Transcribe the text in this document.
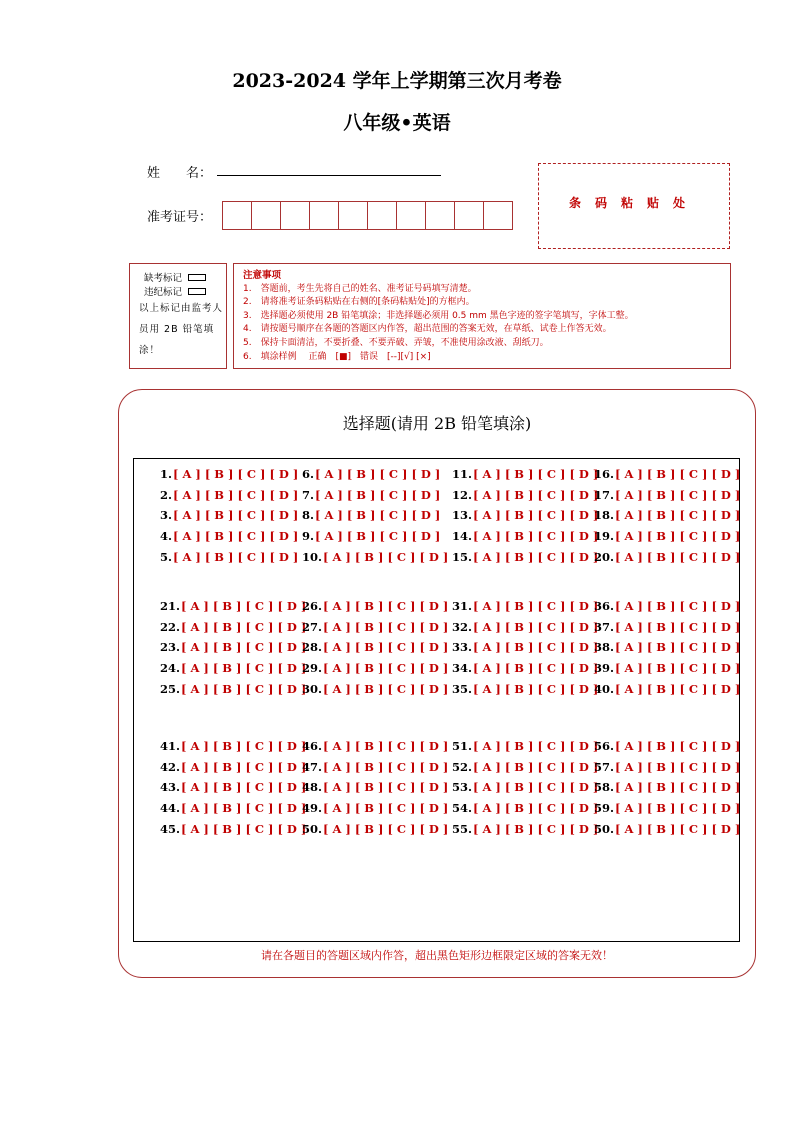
2023-2024 学年上学期第三次月考卷
八年级•英语
姓　　名：
准考证号：
条码粘贴处
缺考标记
违纪标记
以上标记由监考人员用 2B 铅笔填涂！
注意事项
1.　答题前，考生先将自己的姓名、准考证号码填写清楚。
2.　请将准考证条码粘贴在右侧的[条码粘贴处]的方框内。
3.　选择题必须使用 2B 铅笔填涂；非选择题必须用 0.5 mm 黑色字迹的签字笔填写，字体工整。
4.　请按题号顺序在各题的答题区内作答，超出范围的答案无效，在草纸、试卷上作答无效。
5.　保持卡面清洁，不要折叠、不要弄破、弄皱，不准使用涂改液、刮纸刀。
6.　填涂样例　 正确　[■]　错误　[--][√] [×]
选择题(请用 2B 铅笔填涂)
1.[ A ] [ B ] [ C ] [ D ]
2.[ A ] [ B ] [ C ] [ D ]
3.[ A ] [ B ] [ C ] [ D ]
4.[ A ] [ B ] [ C ] [ D ]
5.[ A ] [ B ] [ C ] [ D ]
6.[ A ] [ B ] [ C ] [ D ]
7.[ A ] [ B ] [ C ] [ D ]
8.[ A ] [ B ] [ C ] [ D ]
9.[ A ] [ B ] [ C ] [ D ]
10.[ A ] [ B ] [ C ] [ D ]
11.[ A ] [ B ] [ C ] [ D ]
12.[ A ] [ B ] [ C ] [ D ]
13.[ A ] [ B ] [ C ] [ D ]
14.[ A ] [ B ] [ C ] [ D ]
15.[ A ] [ B ] [ C ] [ D ]
16.[ A ] [ B ] [ C ] [ D ]
17.[ A ] [ B ] [ C ] [ D ]
18.[ A ] [ B ] [ C ] [ D ]
19.[ A ] [ B ] [ C ] [ D ]
20.[ A ] [ B ] [ C ] [ D ]
21.[ A ] [ B ] [ C ] [ D ]
22.[ A ] [ B ] [ C ] [ D ]
23.[ A ] [ B ] [ C ] [ D ]
24.[ A ] [ B ] [ C ] [ D ]
25.[ A ] [ B ] [ C ] [ D ]
26.[ A ] [ B ] [ C ] [ D ]
27.[ A ] [ B ] [ C ] [ D ]
28.[ A ] [ B ] [ C ] [ D ]
29.[ A ] [ B ] [ C ] [ D ]
30.[ A ] [ B ] [ C ] [ D ]
31.[ A ] [ B ] [ C ] [ D ]
32.[ A ] [ B ] [ C ] [ D ]
33.[ A ] [ B ] [ C ] [ D ]
34.[ A ] [ B ] [ C ] [ D ]
35.[ A ] [ B ] [ C ] [ D ]
36.[ A ] [ B ] [ C ] [ D ]
37.[ A ] [ B ] [ C ] [ D ]
38.[ A ] [ B ] [ C ] [ D ]
39.[ A ] [ B ] [ C ] [ D ]
40.[ A ] [ B ] [ C ] [ D ]
41.[ A ] [ B ] [ C ] [ D ]
42.[ A ] [ B ] [ C ] [ D ]
43.[ A ] [ B ] [ C ] [ D ]
44.[ A ] [ B ] [ C ] [ D ]
45.[ A ] [ B ] [ C ] [ D ]
46.[ A ] [ B ] [ C ] [ D ]
47.[ A ] [ B ] [ C ] [ D ]
48.[ A ] [ B ] [ C ] [ D ]
49.[ A ] [ B ] [ C ] [ D ]
50.[ A ] [ B ] [ C ] [ D ]
51.[ A ] [ B ] [ C ] [ D ]
52.[ A ] [ B ] [ C ] [ D ]
53.[ A ] [ B ] [ C ] [ D ]
54.[ A ] [ B ] [ C ] [ D ]
55.[ A ] [ B ] [ C ] [ D ]
56.[ A ] [ B ] [ C ] [ D ]
57.[ A ] [ B ] [ C ] [ D ]
58.[ A ] [ B ] [ C ] [ D ]
59.[ A ] [ B ] [ C ] [ D ]
50.[ A ] [ B ] [ C ] [ D ]
请在各题目的答题区域内作答，超出黑色矩形边框限定区域的答案无效！
